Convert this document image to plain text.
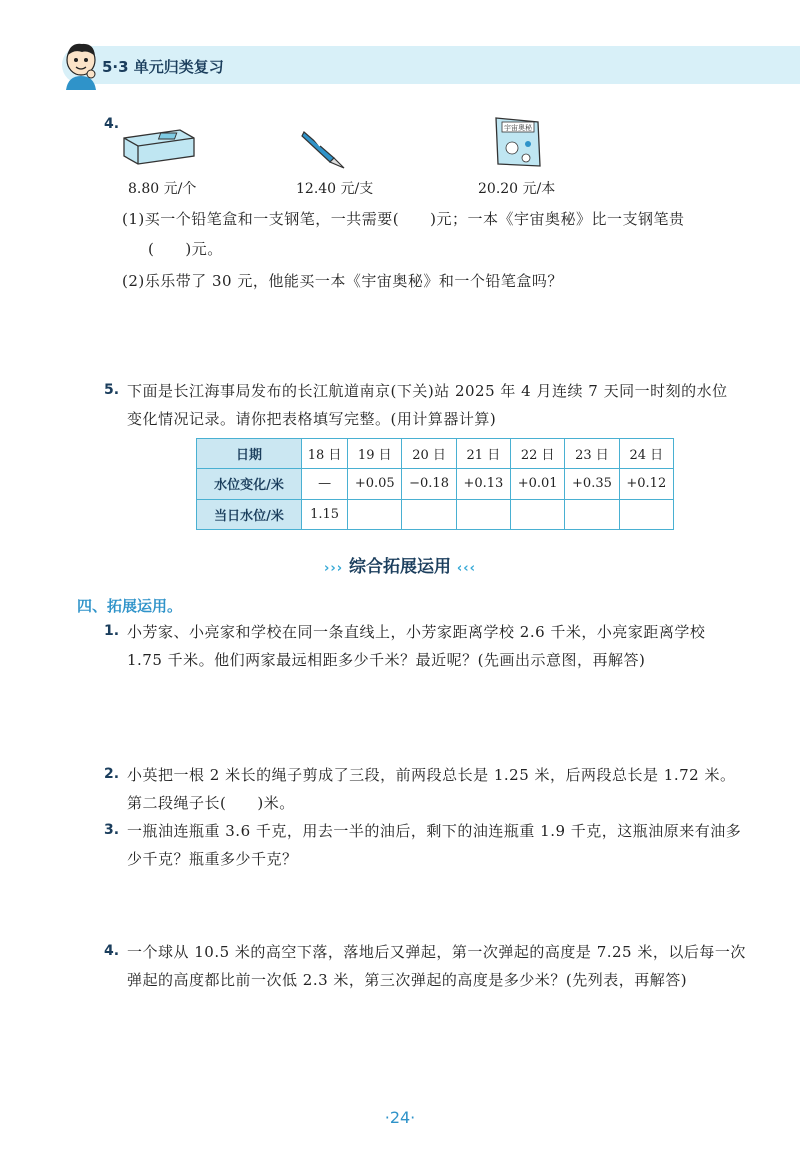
5·3 单元归类复习
4.
8.80 元/个	12.40 元/支
宇宙奥秘
20.20 元/本
(1)买一个铅笔盒和一支钢笔，一共需要(　　)元；一本《宇宙奥秘》比一支钢笔贵
(　　)元。
(2)乐乐带了 30 元，他能买一本《宇宙奥秘》和一个铅笔盒吗？
5. 下面是长江海事局发布的长江航道南京(下关)站 2025 年 4 月连续 7 天同一时刻的水位
变化情况记录。请你把表格填写完整。(用计算器计算)
日期	18 日	19 日	20 日	21 日	22 日	23 日	24 日
水位变化/米	—	+0.05	−0.18	+0.13	+0.01	+0.35	+0.12
当日水位/米	1.15						
››› 综合拓展运用 ‹‹‹
四、拓展运用。
1. 小芳家、小亮家和学校在同一条直线上，小芳家距离学校 2.6 千米，小亮家距离学校
1.75 千米。他们两家最远相距多少千米？最近呢？(先画出示意图，再解答)
2. 小英把一根 2 米长的绳子剪成了三段，前两段总长是 1.25 米，后两段总长是 1.72 米。
第二段绳子长(　　)米。
3. 一瓶油连瓶重 3.6 千克，用去一半的油后，剩下的油连瓶重 1.9 千克，这瓶油原来有油多
少千克？瓶重多少千克？
4. 一个球从 10.5 米的高空下落，落地后又弹起，第一次弹起的高度是 7.25 米，以后每一次
弹起的高度都比前一次低 2.3 米，第三次弹起的高度是多少米？(先列表，再解答)
·24·
